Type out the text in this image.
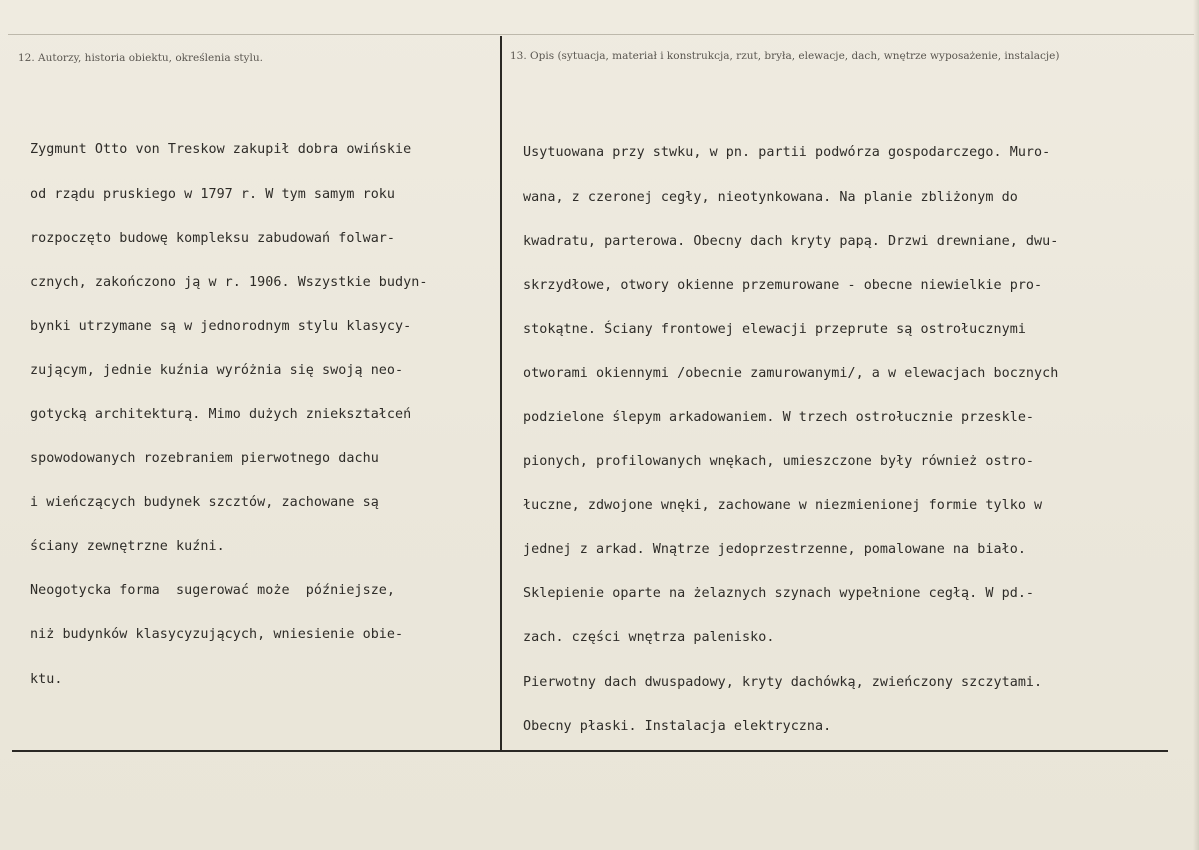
12. Autorzy, historia obiektu, określenia stylu.	13. Opis (sytuacja, materiał i konstrukcja, rzut, bryła, elewacje, dach, wnętrze wyposażenie, instalacje)

Zygmunt Otto von Treskow zakupił dobra owińskie

od rządu pruskiego w 1797 r. W tym samym roku

rozpoczęto budowę kompleksu zabudowań folwar-

cznych, zakończono ją w r. 1906. Wszystkie budyn-

bynki utrzymane są w jednorodnym stylu klasycy-

zującym, jednie kuźnia wyróżnia się swoją neo-

gotycką architekturą. Mimo dużych zniekształceń

spowodowanych rozebraniem pierwotnego dachu

i wieńczących budynek szcztów, zachowane są

ściany zewnętrzne kuźni.

Neogotycka forma  sugerować może  późniejsze,

niż budynków klasycyzujących, wniesienie obie-

ktu.

Usytuowana przy stwku, w pn. partii podwórza gospodarczego. Muro-

wana, z czeronej cegły, nieotynkowana. Na planie zbliżonym do

kwadratu, parterowa. Obecny dach kryty papą. Drzwi drewniane, dwu-

skrzydłowe, otwory okienne przemurowane - obecne niewielkie pro-

stokątne. Ściany frontowej elewacji przeprute są ostrołucznymi

otworami okiennymi /obecnie zamurowanymi/, a w elewacjach bocznych

podzielone ślepym arkadowaniem. W trzech ostrołucznie przeskle-

pionych, profilowanych wnękach, umieszczone były również ostro-

łuczne, zdwojone wnęki, zachowane w niezmienionej formie tylko w

jednej z arkad. Wnątrze jedoprzestrzenne, pomalowane na biało.

Sklepienie oparte na żelaznych szynach wypełnione cegłą. W pd.-

zach. części wnętrza palenisko.

Pierwotny dach dwuspadowy, kryty dachówką, zwieńczony szczytami.

Obecny płaski. Instalacja elektryczna.
